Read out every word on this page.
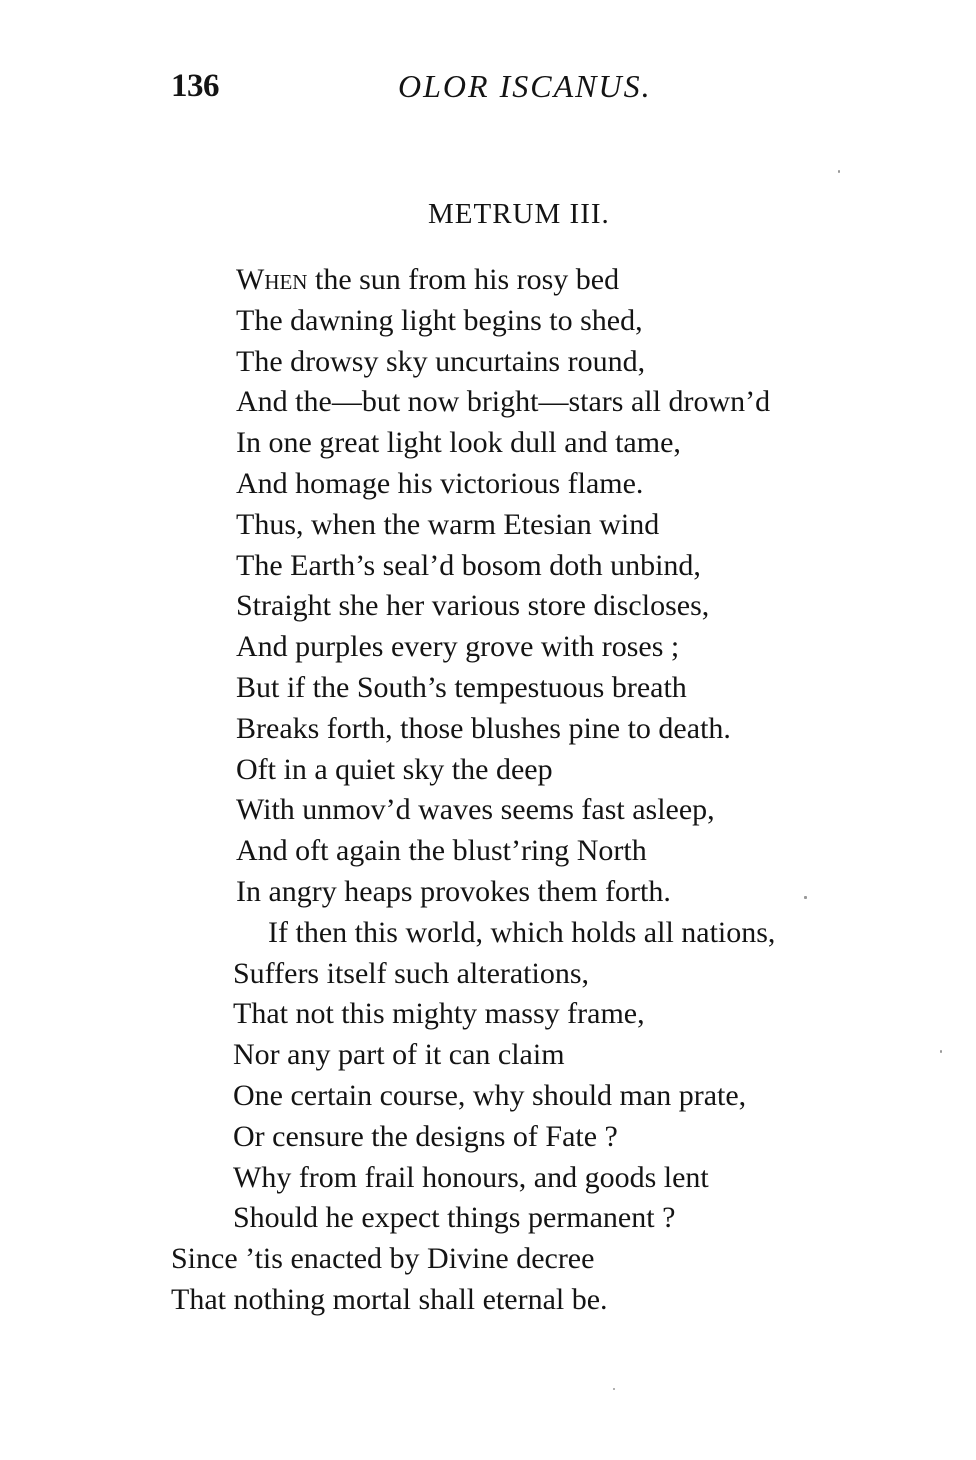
136	OLOR ISCANUS.
METRUM III.
When the sun from his rosy bed
The dawning light begins to shed,
The drowsy sky uncurtains round,
And the—but now bright—stars all drown’d
In one great light look dull and tame,
And homage his victorious flame.
Thus, when the warm Etesian wind
The Earth’s seal’d bosom doth unbind,
Straight she her various store discloses,
And purples every grove with roses ;
But if the South’s tempestuous breath
Breaks forth, those blushes pine to death.
Oft in a quiet sky the deep
With unmov’d waves seems fast asleep,
And oft again the blust’ring North
In angry heaps provokes them forth.
If then this world, which holds all nations,
Suffers itself such alterations,
That not this mighty massy frame,
Nor any part of it can claim
One certain course, why should man prate,
Or censure the designs of Fate ?
Why from frail honours, and goods lent
Should he expect things permanent ?
Since ’tis enacted by Divine decree
That nothing mortal shall eternal be.
